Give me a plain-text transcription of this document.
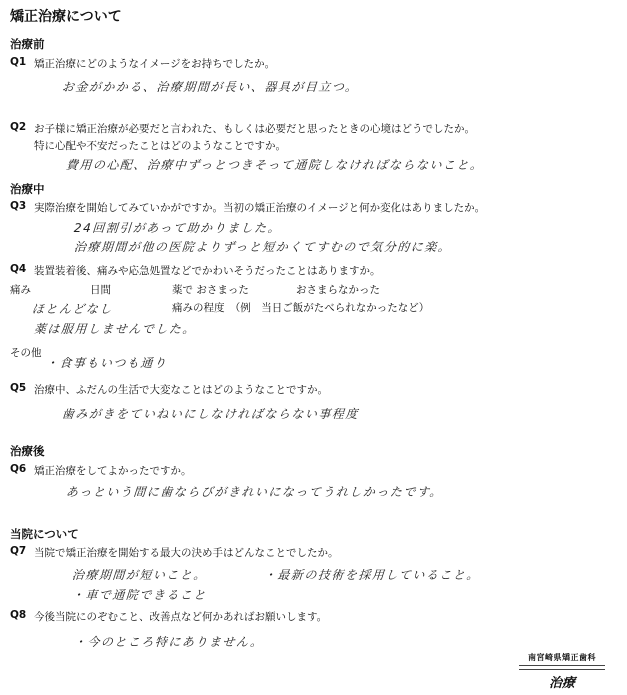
矯正治療について
治療前
Q1 矯正治療にどのようなイメージをお持ちでしたか。
お金がかかる、治療期間が長い、器具が目立つ。
Q2 お子様に矯正治療が必要だと言われた、もしくは必要だと思ったときの心境はどうでしたか。
特に心配や不安だったことはどのようなことですか。
費用の心配、治療中ずっとつきそって通院しなければならないこと。
治療中
Q3 実際治療を開始してみていかがですか。当初の矯正治療のイメージと何か変化はありましたか。
24回割引があって助かりました。
治療期間が他の医院よりずっと短かくてすむので気分的に楽。
Q4 装置装着後、痛みや応急処置などでかわいそうだったことはありますか。
痛み	日間	薬で おさまった	おさまらなかった
ほとんどなし	痛みの程度　（例　当日ご飯がたべられなかったなど）
薬は服用しませんでした。
その他
・食事もいつも通り
Q5 治療中、ふだんの生活で大変なことはどのようなことですか。
歯みがきをていねいにしなければならない事程度
治療後
Q6 矯正治療をしてよかったですか。
あっという間に歯ならびがきれいになってうれしかったです。
当院について
Q7 当院で矯正治療を開始する最大の決め手はどんなことでしたか。
治療期間が短いこと。	・最新の技術を採用していること。
・車で通院できること
Q8 今後当院にのぞむこと、改善点など何かあればお願いします。
・今のところ特にありません。
南宮崎県矯正歯科
治療
